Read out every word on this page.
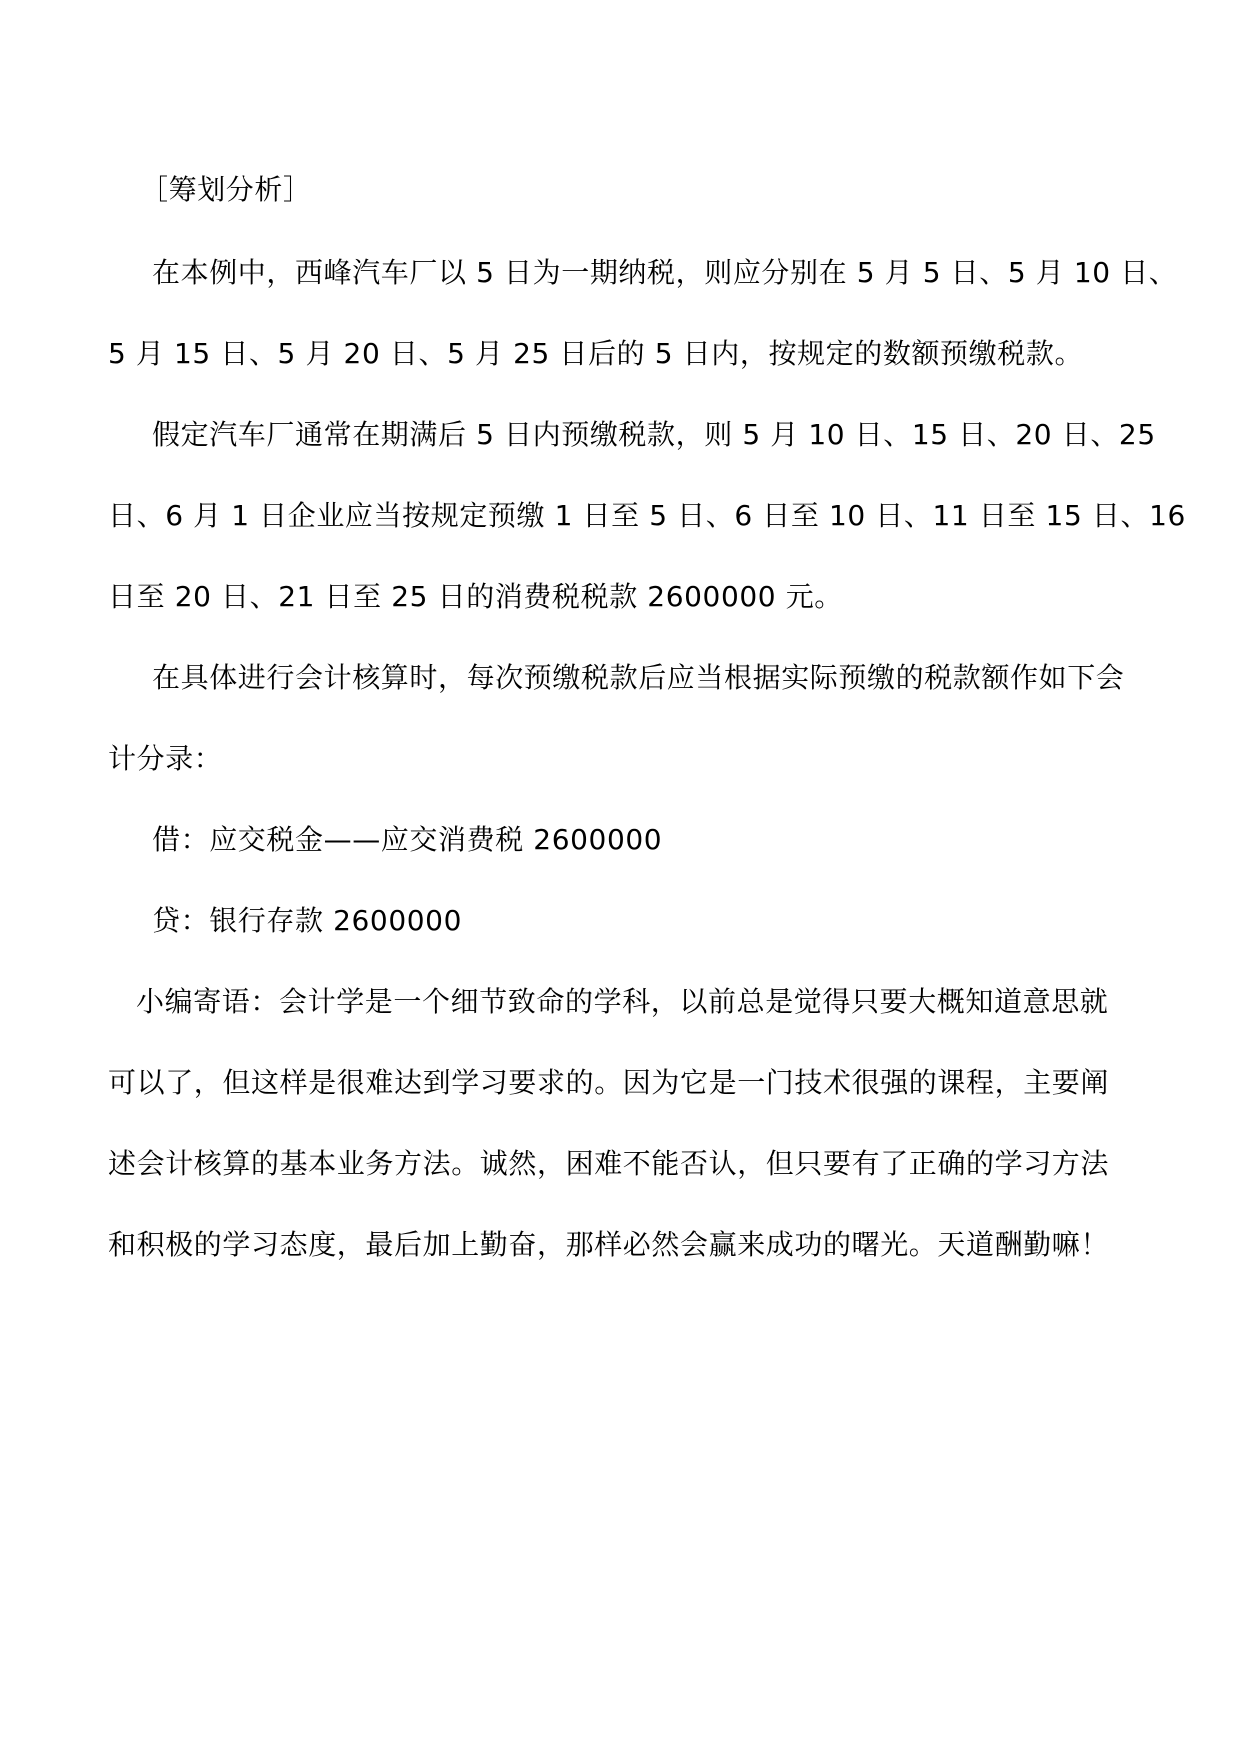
［筹划分析］
在本例中，西峰汽车厂以 5 日为一期纳税，则应分别在 5 月 5 日、5 月 10 日、
5 月 15 日、5 月 20 日、5 月 25 日后的 5 日内，按规定的数额预缴税款。
假定汽车厂通常在期满后 5 日内预缴税款，则 5 月 10 日、15 日、20 日、25
日、6 月 1 日企业应当按规定预缴 1 日至 5 日、6 日至 10 日、11 日至 15 日、16
日至 20 日、21 日至 25 日的消费税税款 2600000 元。
在具体进行会计核算时，每次预缴税款后应当根据实际预缴的税款额作如下会
计分录：
借：应交税金——应交消费税 2600000
贷：银行存款 2600000
小编寄语：会计学是一个细节致命的学科，以前总是觉得只要大概知道意思就
可以了，但这样是很难达到学习要求的。因为它是一门技术很强的课程，主要阐
述会计核算的基本业务方法。诚然，困难不能否认，但只要有了正确的学习方法
和积极的学习态度，最后加上勤奋，那样必然会赢来成功的曙光。天道酬勤嘛！
